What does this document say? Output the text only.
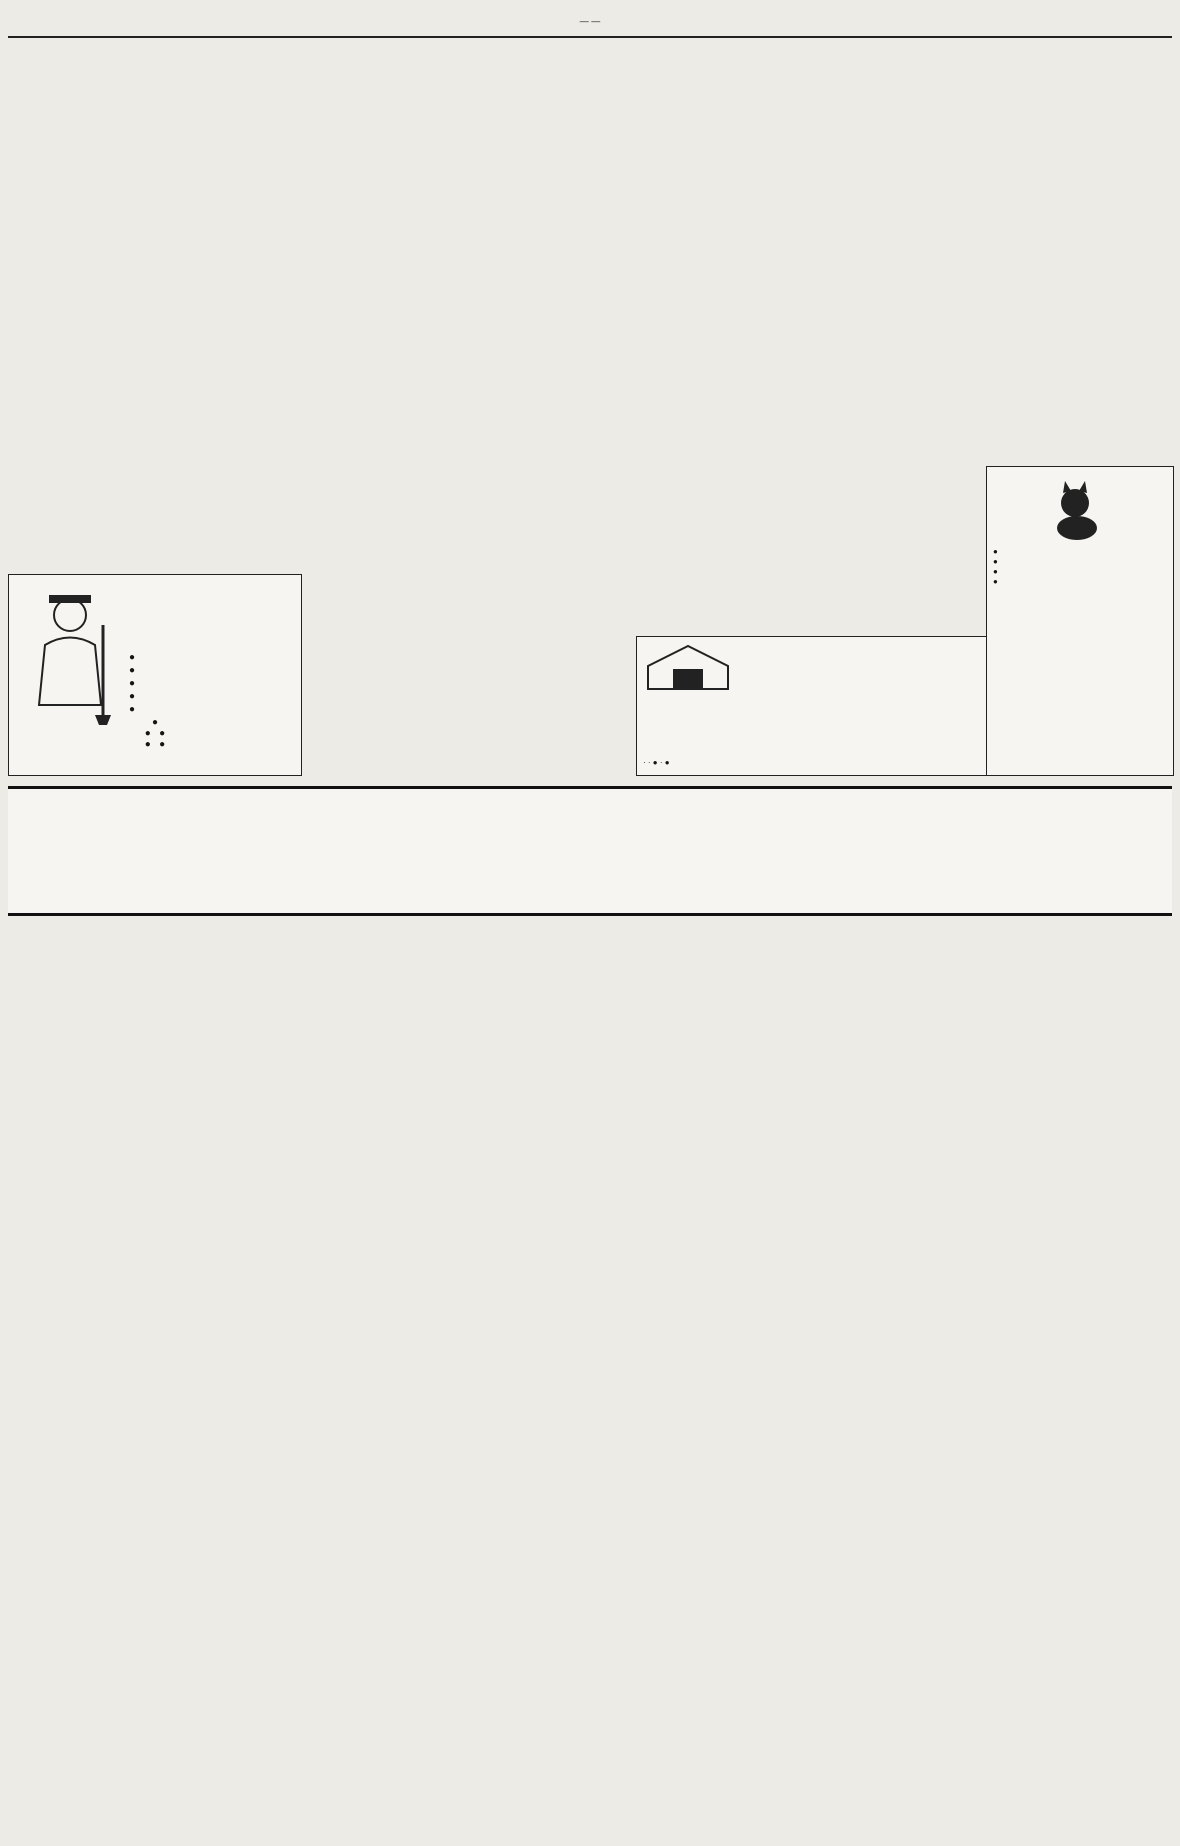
— —
●
●
●
●
●
●
●   ●
●   ●
· · ● · ●
●
●
●
●
